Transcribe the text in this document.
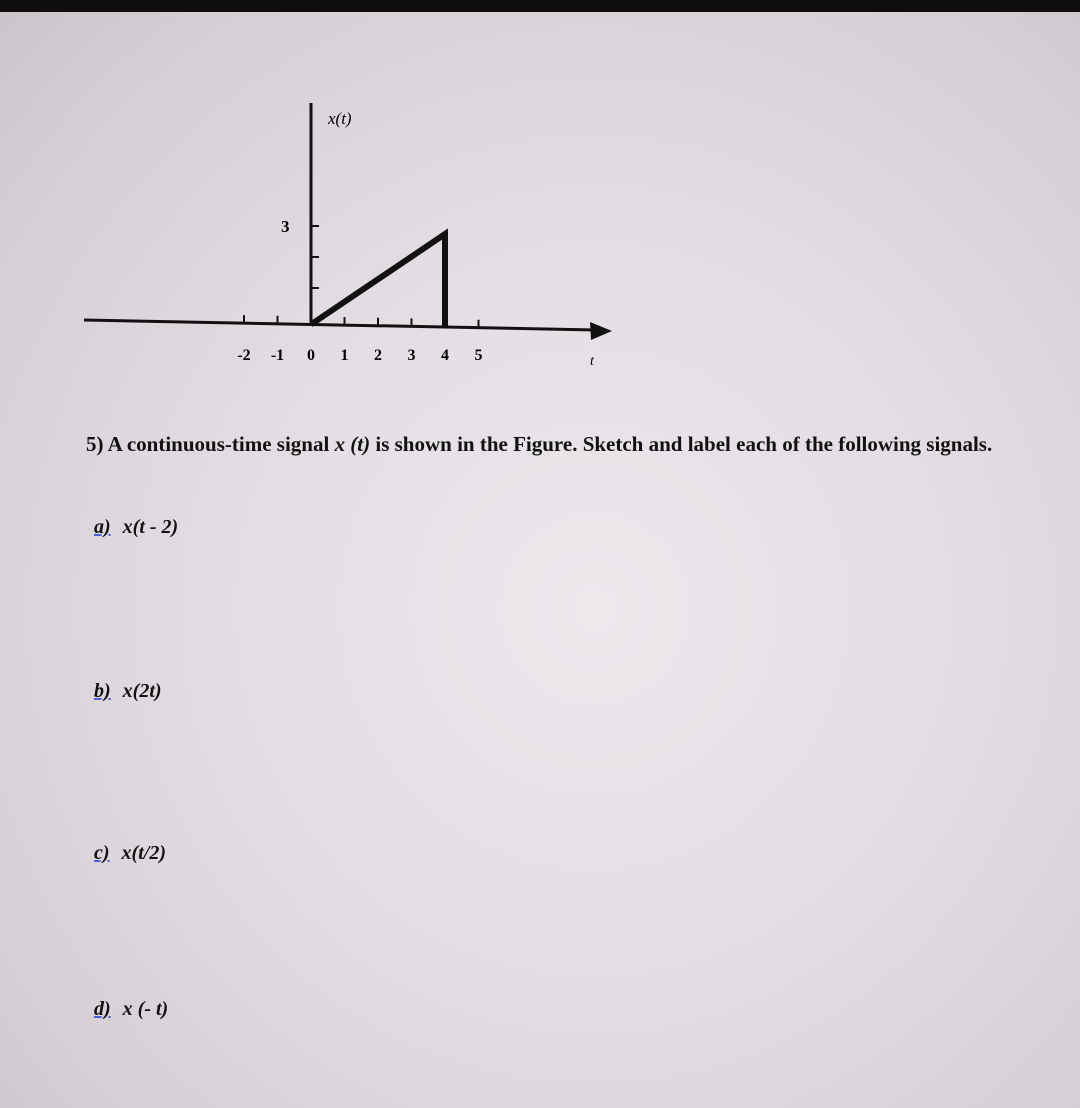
x(t)
3
-2 -1 0 1 2 3 4 5	t
5) A continuous-time signal x (t) is shown in the Figure. Sketch and label each of the following signals.
a) x(t - 2)
b) x(2t)
c) x(t/2)
d) x (- t)
